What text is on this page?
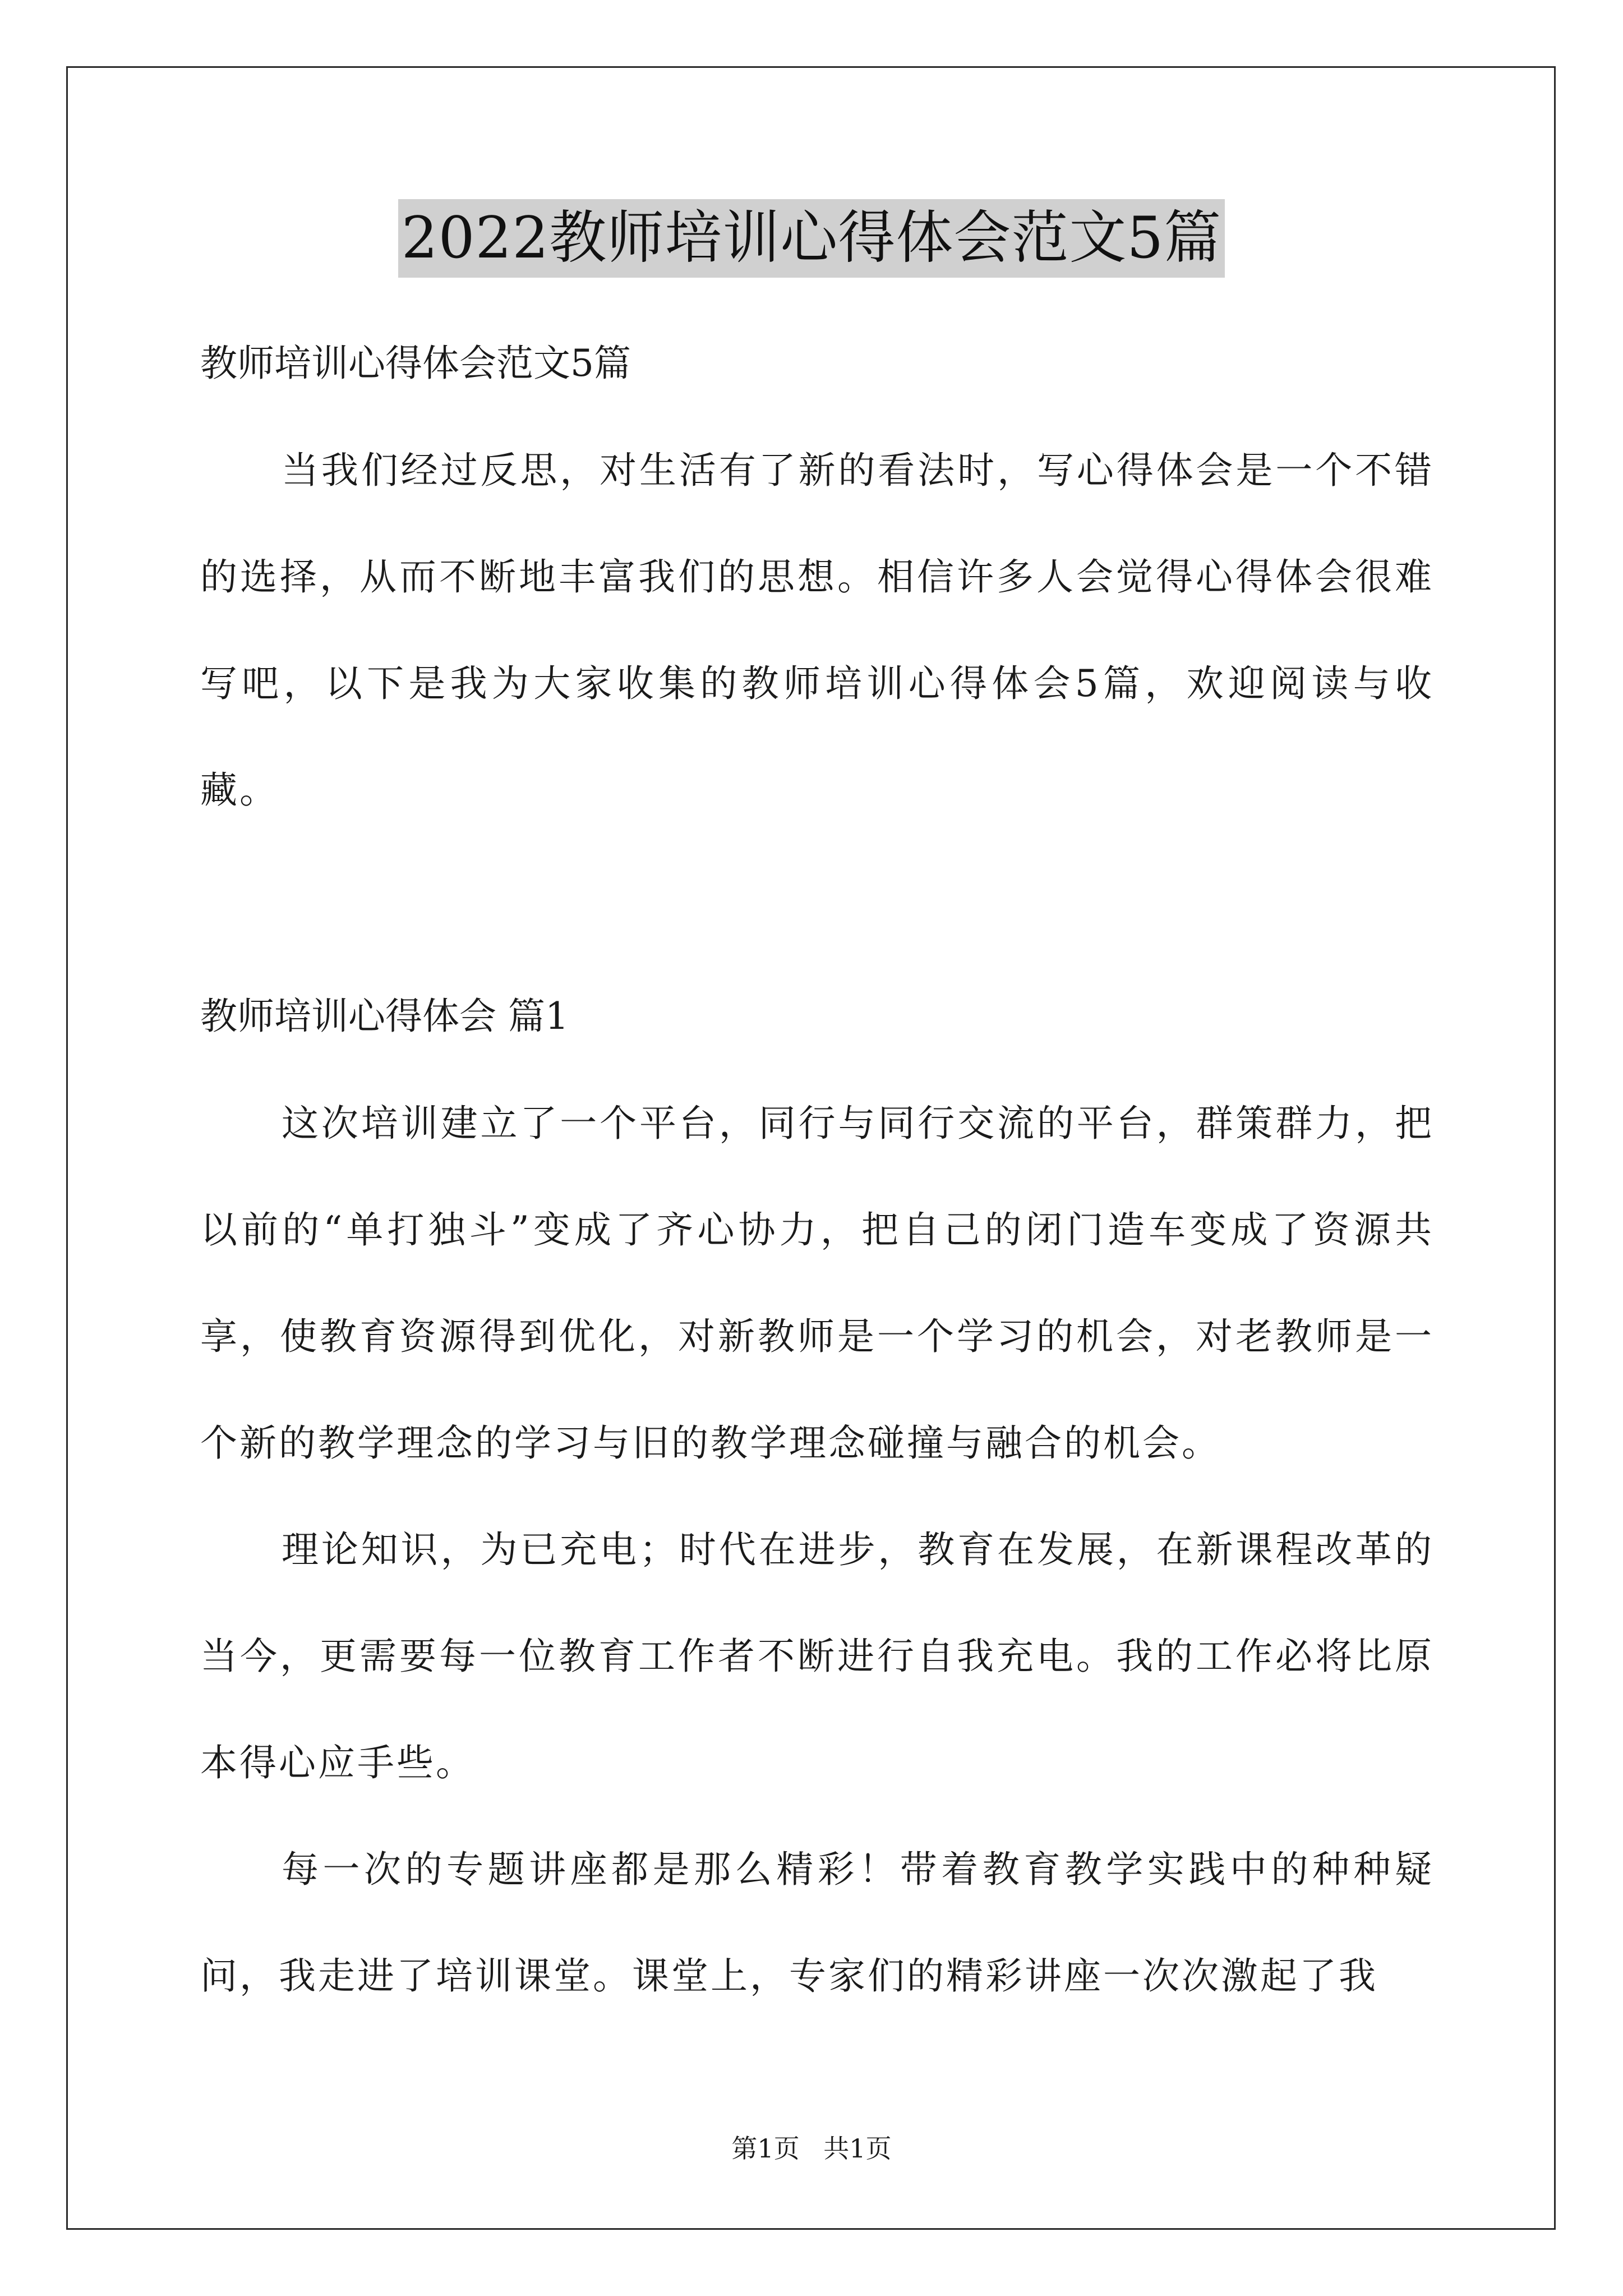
2022教师培训心得体会范文5篇
教师培训心得体会范文5篇

当我们经过反思，对生活有了新的看法时，写心得体会是一个不错的选择，从而不断地丰富我们的思想。相信许多人会觉得心得体会很难写吧，以下是我为大家收集的教师培训心得体会5篇，欢迎阅读与收藏。

教师培训心得体会 篇1

这次培训建立了一个平台，同行与同行交流的平台，群策群力，把以前的“单打独斗”变成了齐心协力，把自己的闭门造车变成了资源共享，使教育资源得到优化，对新教师是一个学习的机会，对老教师是一个新的教学理念的学习与旧的教学理念碰撞与融合的机会。

理论知识，为已充电；时代在进步，教育在发展，在新课程改革的当今，更需要每一位教育工作者不断进行自我充电。我的工作必将比原本得心应手些。

每一次的专题讲座都是那么精彩！带着教育教学实践中的种种疑问，我走进了培训课堂。课堂上，专家们的精彩讲座一次次激起了我

第1页 共1页
